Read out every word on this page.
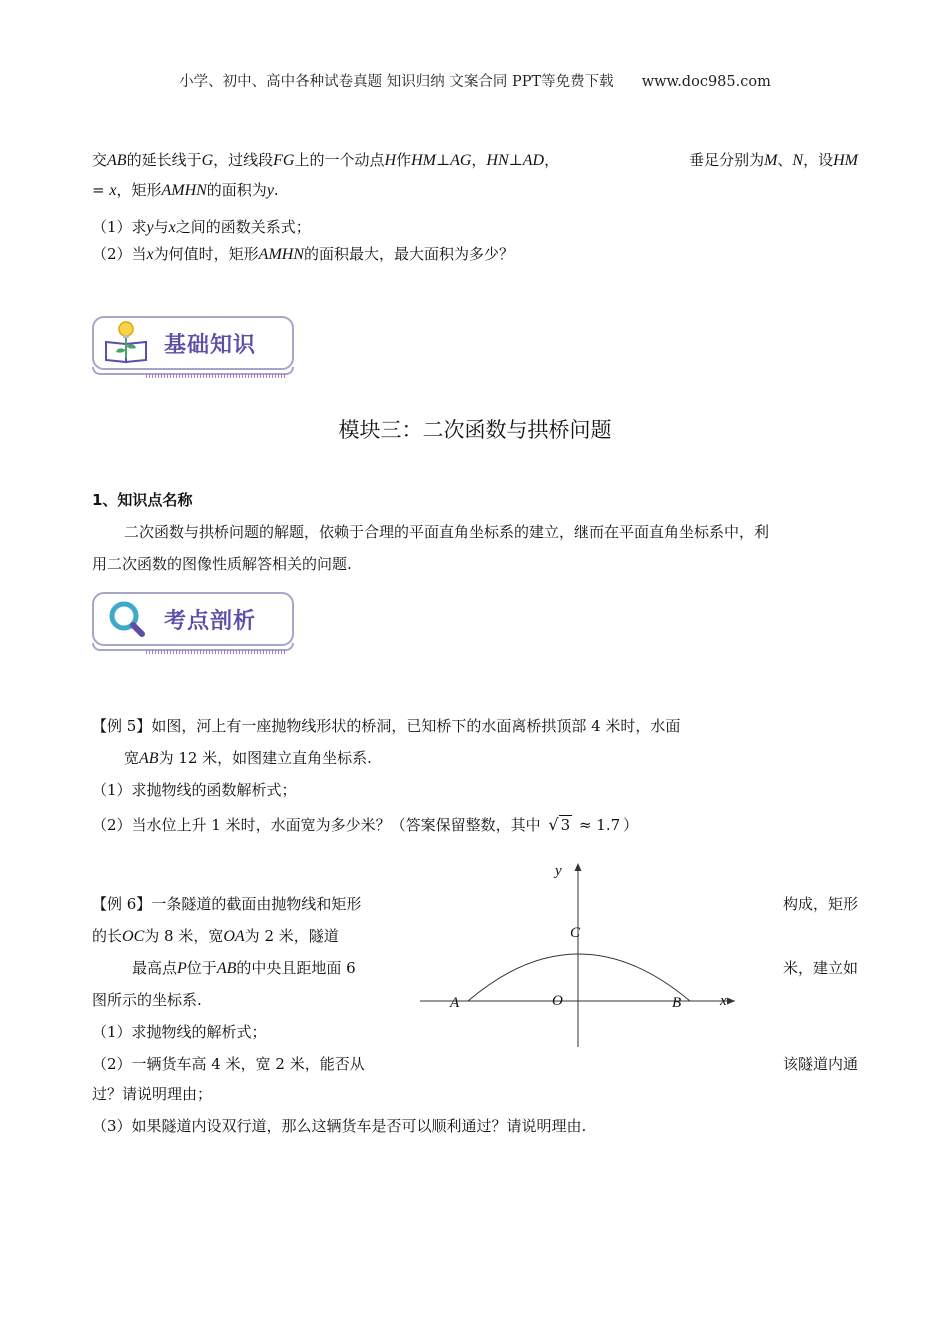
小学、初中、高中各种试卷真题 知识归纳 文案合同 PPT等免费下载 www.doc985.com
交AB的延长线于G，过线段FG上的一个动点H作HM⊥AG，HN⊥AD，	垂足分别为M、N，设HM
= x，矩形AMHN的面积为y.
（1）求y与x之间的函数关系式；
（2）当x为何值时，矩形AMHN的面积最大，最大面积为多少？
基础知识
模块三：二次函数与拱桥问题
1、知识点名称
二次函数与拱桥问题的解题，依赖于合理的平面直角坐标系的建立，继而在平面直角坐标系中，利
用二次函数的图像性质解答相关的问题.
考点剖析
【例 5】如图，河上有一座抛物线形状的桥洞，已知桥下的水面离桥拱顶部 4 米时，水面
宽AB为 12 米，如图建立直角坐标系.
（1）求抛物线的函数解析式；
（2）当水位上升 1 米时，水面宽为多少米？（答案保留整数，其中 √ 3 ≈ 1.7 ）
【例 6】一条隧道的截面由抛物线和矩形	构成，矩形
的长OC为 8 米，宽OA为 2 米，隧道
最高点P位于AB的中央且距地面 6	米，建立如
图所示的坐标系.
（1）求抛物线的解析式；
（2）一辆货车高 4 米，宽 2 米，能否从	该隧道内通
过？请说明理由；
（3）如果隧道内设双行道，那么这辆货车是否可以顺利通过？请说明理由.
y
C
A	O	B	x
